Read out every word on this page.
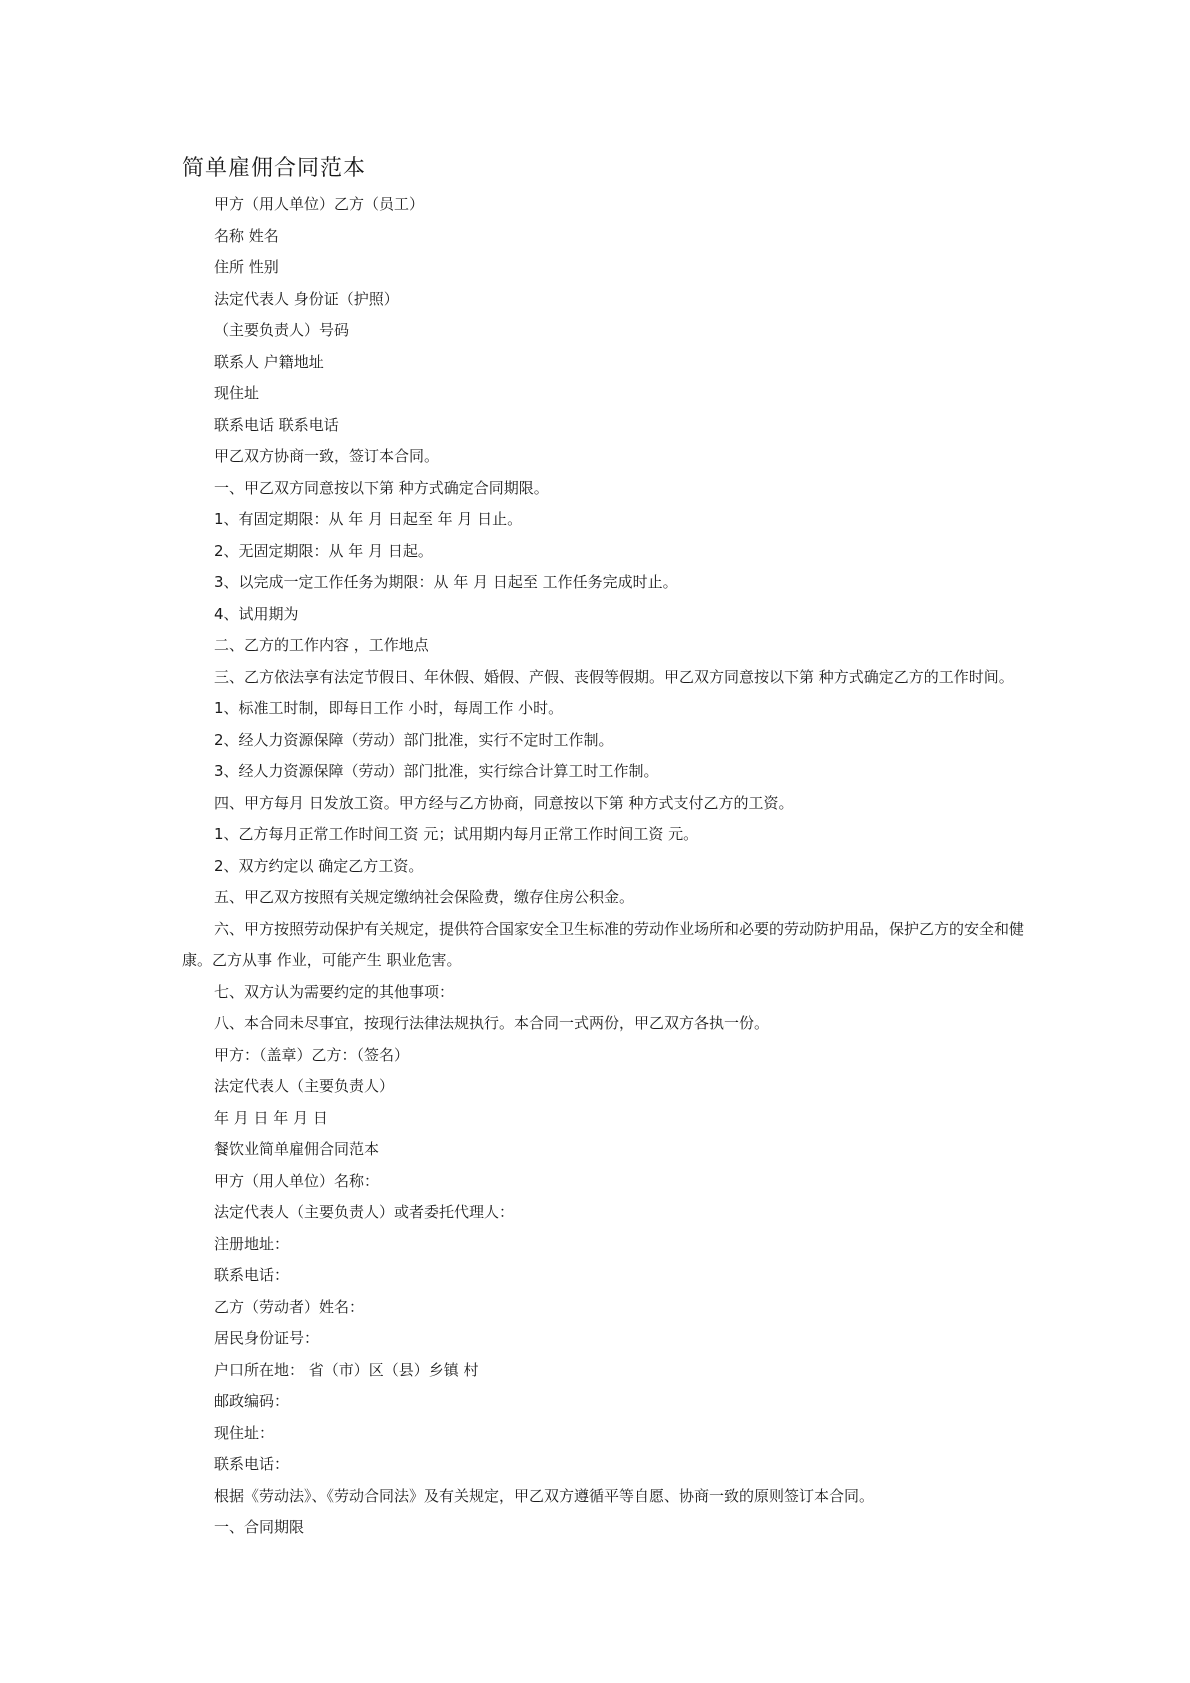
简单雇佣合同范本

甲方（用人单位）乙方（员工）

名称 姓名

住所 性别

法定代表人 身份证（护照）

（主要负责人）号码

联系人 户籍地址

现住址

联系电话 联系电话

甲乙双方协商一致，签订本合同。

一、甲乙双方同意按以下第 种方式确定合同期限。

1、有固定期限：从 年 月 日起至 年 月 日止。

2、无固定期限：从 年 月 日起。

3、以完成一定工作任务为期限：从 年 月 日起至 工作任务完成时止。

4、试用期为

二、乙方的工作内容 ，工作地点

三、乙方依法享有法定节假日、年休假、婚假、产假、丧假等假期。甲乙双方同意按以下第 种方式确定乙方的工作时间。

1、标准工时制，即每日工作 小时，每周工作 小时。

2、经人力资源保障（劳动）部门批准，实行不定时工作制。

3、经人力资源保障（劳动）部门批准，实行综合计算工时工作制。

四、甲方每月 日发放工资。甲方经与乙方协商，同意按以下第 种方式支付乙方的工资。

1、乙方每月正常工作时间工资 元；试用期内每月正常工作时间工资 元。

2、双方约定以 确定乙方工资。

五、甲乙双方按照有关规定缴纳社会保险费，缴存住房公积金。

六、甲方按照劳动保护有关规定，提供符合国家安全卫生标准的劳动作业场所和必要的劳动防护用品，保护乙方的安全和健康。乙方从事 作业，可能产生 职业危害。

七、双方认为需要约定的其他事项：

八、本合同未尽事宜，按现行法律法规执行。本合同一式两份，甲乙双方各执一份。

甲方：（盖章）乙方：（签名）

法定代表人（主要负责人）

年 月 日 年 月 日

餐饮业简单雇佣合同范本

甲方（用人单位）名称：

法定代表人（主要负责人）或者委托代理人：

注册地址：

联系电话：

乙方（劳动者）姓名：

居民身份证号：

户口所在地： 省（市）区（县）乡镇 村

邮政编码：

现住址：

联系电话：

根据《劳动法》、《劳动合同法》及有关规定，甲乙双方遵循平等自愿、协商一致的原则签订本合同。

一、合同期限
